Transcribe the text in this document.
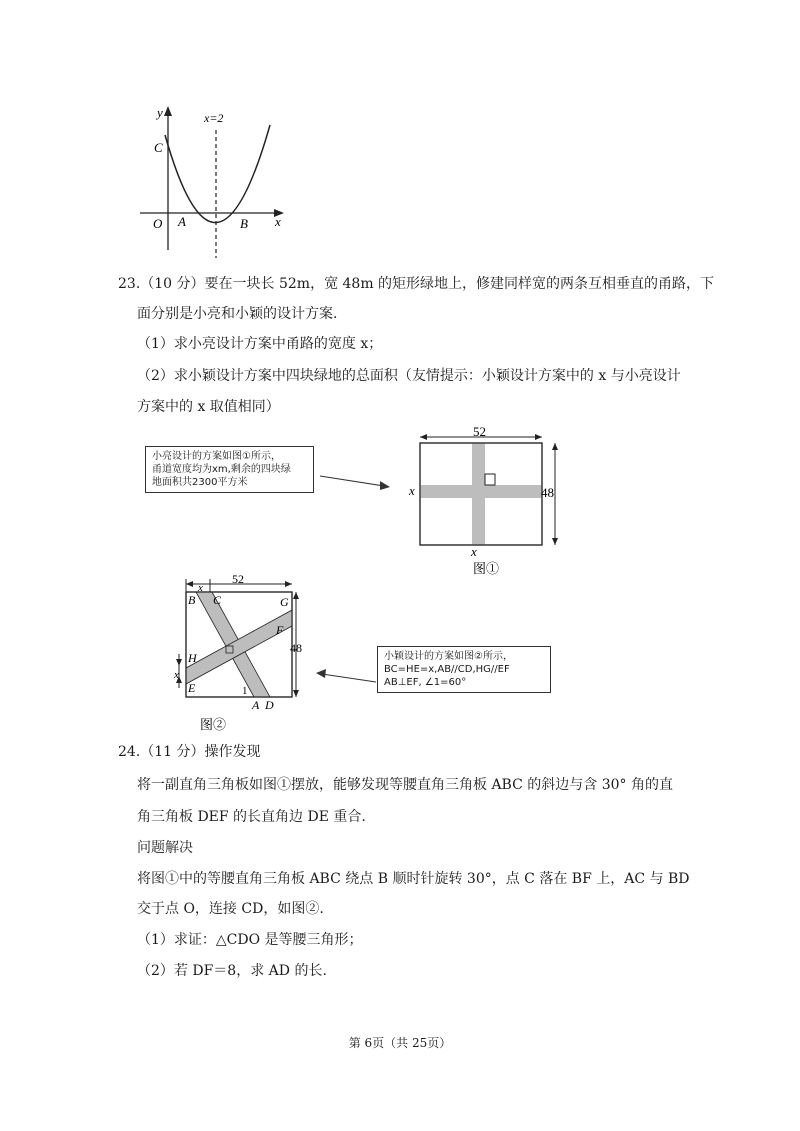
y
x
x=2
C
O A	B
23.（10 分）要在一块长 52m，宽 48m 的矩形绿地上，修建同样宽的两条互相垂直的甬路，下
面分别是小亮和小颖的设计方案.
（1）求小亮设计方案中甬路的宽度 x；
（2）求小颖设计方案中四块绿地的总面积（友情提示：小颖设计方案中的 x 与小亮设计
方案中的 x 取值相同）
小亮设计的方案如图①所示，
甬道宽度均为xm,剩余的四块绿
地面积共2300平方米
52
48
x
x
图①
52
48
x
x
B C	G
F
H
E	1
A D
图②
小颖设计的方案如图②所示，
BC=HE=x,AB//CD,HG//EF
AB⊥EF, ∠1=60°
24.（11 分）操作发现
将一副直角三角板如图①摆放，能够发现等腰直角三角板 ABC 的斜边与含 30° 角的直
角三角板 DEF 的长直角边 DE 重合.
问题解决
将图①中的等腰直角三角板 ABC 绕点 B 顺时针旋转 30°，点 C 落在 BF 上，AC 与 BD
交于点 O，连接 CD，如图②.
（1）求证：△CDO 是等腰三角形；
（2）若 DF＝8，求 AD 的长.
第 6页（共 25页）
